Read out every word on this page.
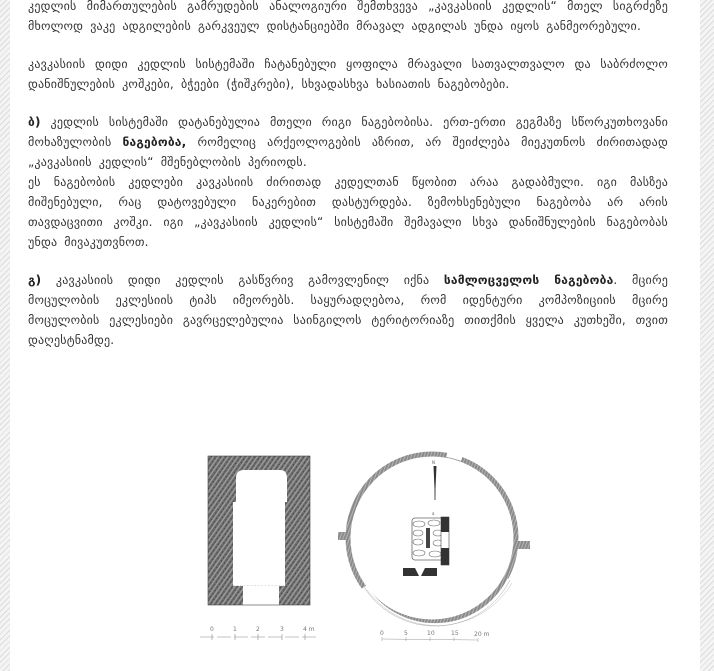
კედლის მიმართულების გამრუდების ანალოგიური შემთხვევა „კავკასიის კედლის“ მთელ სიგრძეზე მხოლოდ ვაკე ადგილების გარკვეულ დისტანციებში მრავალ ადგილას უნდა იყოს განმეორებული.

კავკასიის დიდი კედლის სისტემაში ჩატანებული ყოფილა მრავალი სათვალთვალო და საბრძოლო დანიშნულების კოშკები, ბჭეები (ჭიშკრები), სხვადასხვა ხასიათის ნაგებობები.

ბ) კედლის სისტემაში დატანებულია მთელი რიგი ნაგებობისა. ერთ-ერთი გეგმაზე სწორკუთხოვანი მოხაზულობის ნაგებობა, რომელიც არქეოლოგების აზრით, არ შეიძლება მიეკუთნოს ძირითადად „კავკასიის კედლის“ მშენებლობის პერიოდს.
ეს ნაგებობის კედლები კავკასიის ძირითად კედელთან წყობით არაა გადაბმული. იგი მასზეა მიშენებული, რაც დატოვებული ნაკერებით დასტურდება. ზემოხსენებული ნაგებობა არ არის თავდაცვითი კოშკი. იგი „კავკასიის კედლის“ სისტემაში შემავალი სხვა დანიშნულების ნაგებობას უნდა მივაკუთვნოთ.

გ) კავკასიის დიდი კედლის გასწვრივ გამოვლენილ იქნა სამლოცველოს ნაგებობა. მცირე მოცულობის ეკლესიის ტიპს იმეორებს. საყურადღებოა, რომ იდენტური კომპოზიციის მცირე მოცულობის ეკლესიები გავრცელებულია საინგილოს ტერიტორიაზე თითქმის ყველა კუთხეში, თვით დაღესტნამდე.

0	1	2	3	4 m
N
a
0	5	10	15	20 m
